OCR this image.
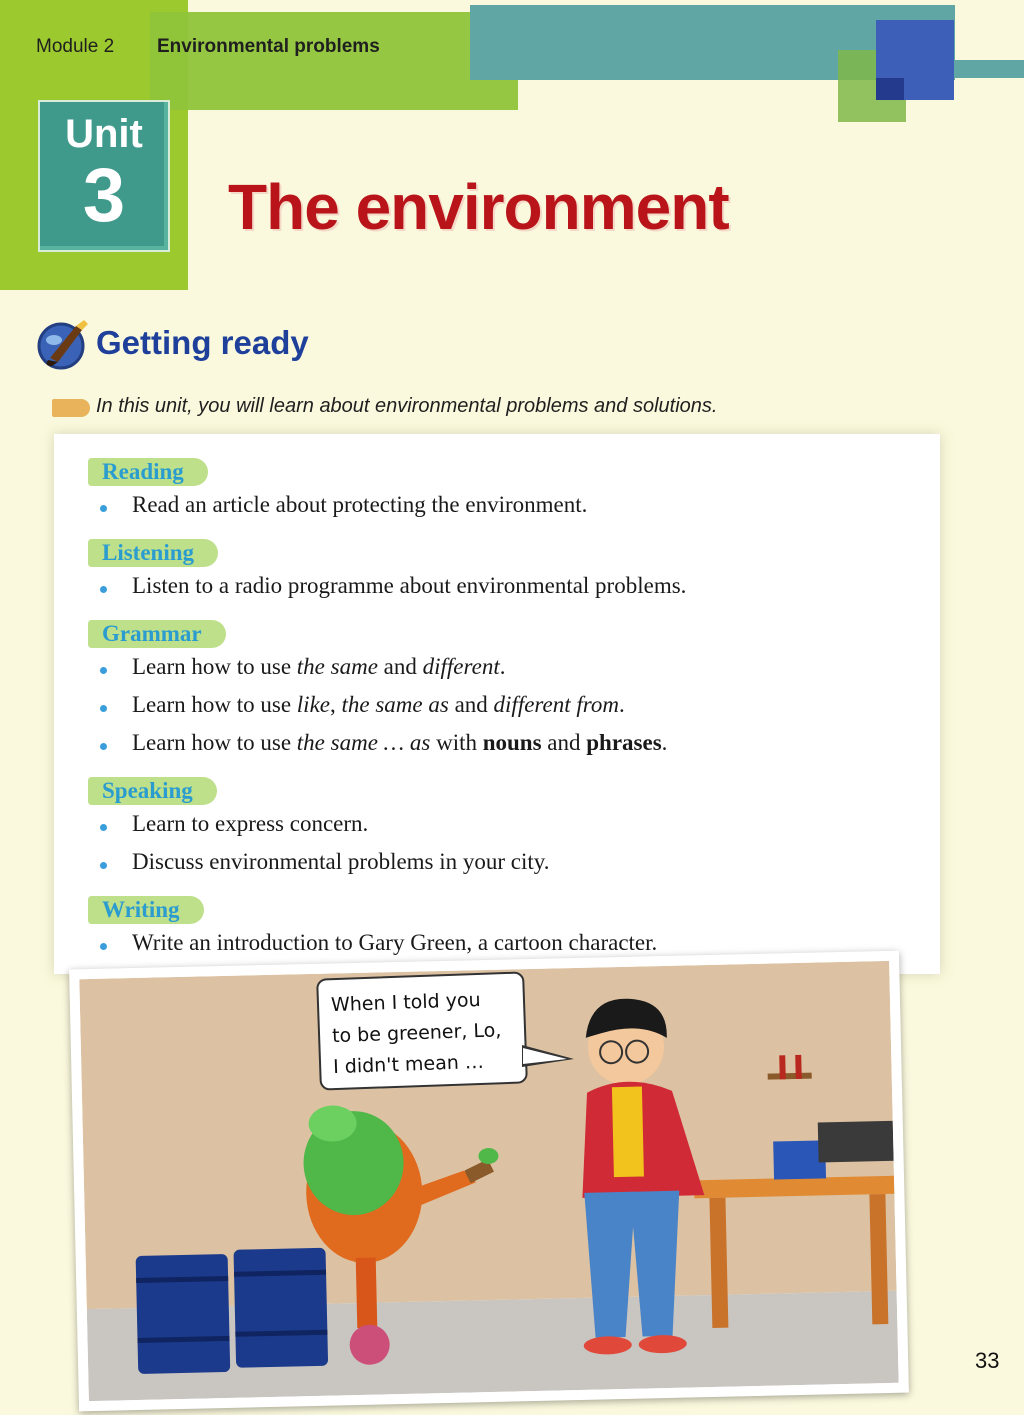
Module 2 Environmental problems
Unit
3	The environment
Getting ready
In this unit, you will learn about environmental problems and solutions.
Reading
Read an article about protecting the environment.
Listening
Listen to a radio programme about environmental problems.
Grammar
Learn how to use the same and different.
Learn how to use like, the same as and different from.
Learn how to use the same … as with nouns and phrases.
Speaking
Learn to express concern.
Discuss environmental problems in your city.
Writing
Write an introduction to Gary Green, a cartoon character.
When I told you
to be greener, Lo,
I didn't mean …
33
